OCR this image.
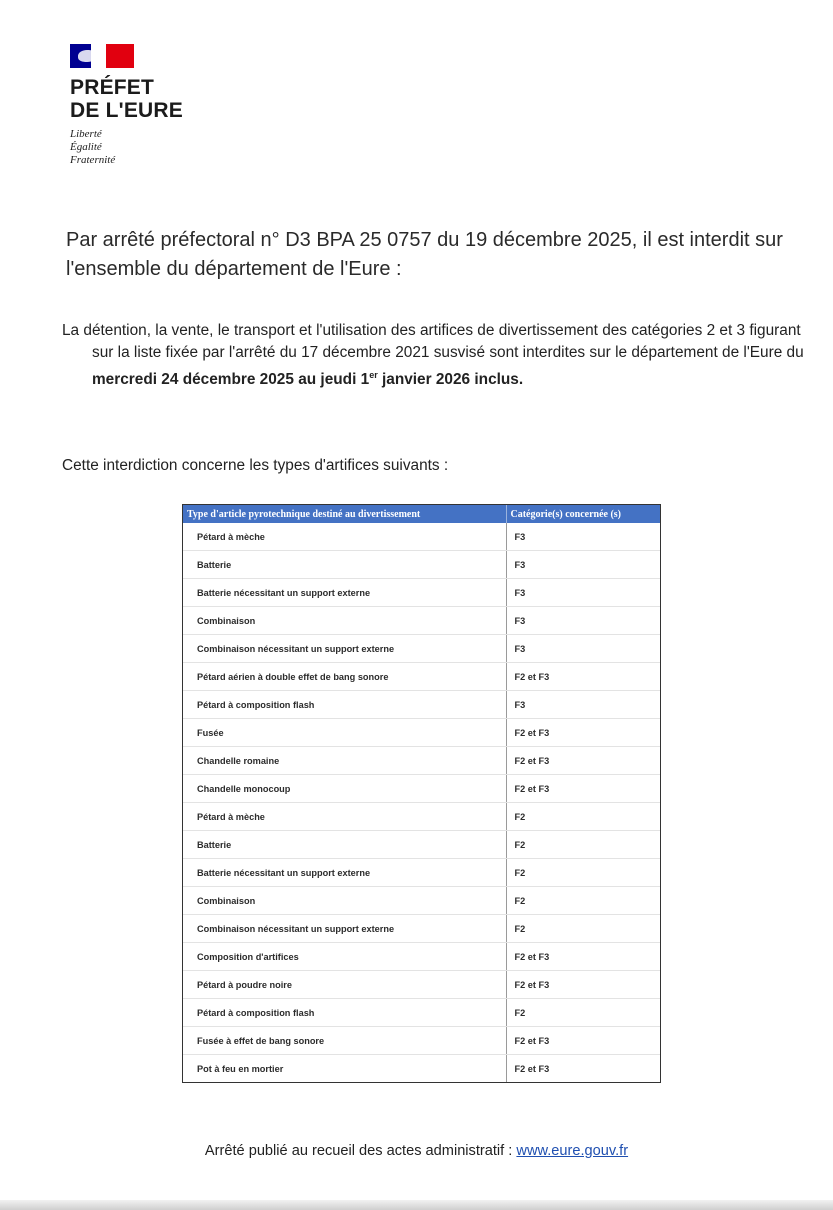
PRÉFET
DE L'EURE
Liberté
Égalité
Fraternité
Par arrêté préfectoral n° D3 BPA 25 0757 du 19 décembre 2025, il est interdit sur l'ensemble du département de l'Eure :
La détention, la vente, le transport et l'utilisation des artifices de divertissement des catégories 2 et 3 figurant sur la liste fixée par l'arrêté du 17 décembre 2021 susvisé sont interdites sur le département de l'Eure du mercredi 24 décembre 2025 au jeudi 1er janvier 2026 inclus.
Cette interdiction concerne les types d'artifices suivants :
Type d'article pyrotechnique destiné au divertissement	Catégorie(s) concernée (s)
Pétard à mèche	F3
Batterie	F3
Batterie nécessitant un support externe	F3
Combinaison	F3
Combinaison nécessitant un support externe	F3
Pétard aérien à double effet de bang sonore	F2 et F3
Pétard à composition flash	F3
Fusée	F2 et F3
Chandelle romaine	F2 et F3
Chandelle monocoup	F2 et F3
Pétard à mèche	F2
Batterie	F2
Batterie nécessitant un support externe	F2
Combinaison	F2
Combinaison nécessitant un support externe	F2
Composition d'artifices	F2 et F3
Pétard à poudre noire	F2 et F3
Pétard à composition flash	F2
Fusée à effet de bang sonore	F2 et F3
Pot à feu en mortier	F2 et F3
Arrêté publié au recueil des actes administratif : www.eure.gouv.fr
